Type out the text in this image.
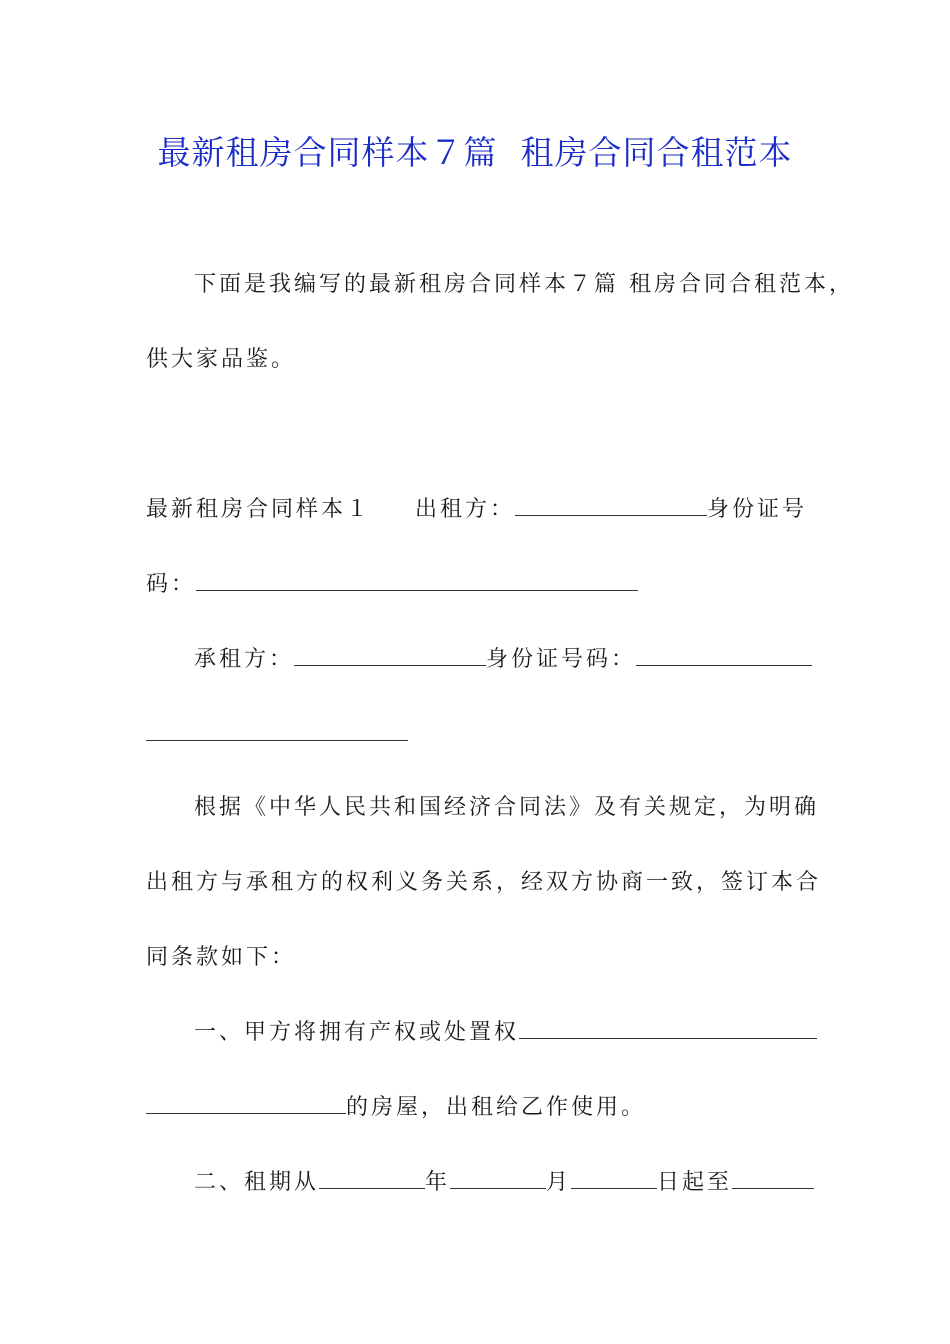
最新租房合同样本７篇  租房合同合租范本
下面是我编写的最新租房合同样本７篇 租房合同合租范本，
供大家品鉴。
最新租房合同样本１ 出租方：	身份证号
码：
承租方：	身份证号码：
根据《中华人民共和国经济合同法》及有关规定，为明确
出租方与承租方的权利义务关系，经双方协商一致，签订本合
同条款如下：
一、甲方将拥有产权或处置权
的房屋，出租给乙作使用。
二、租期从	年	月	日起至
